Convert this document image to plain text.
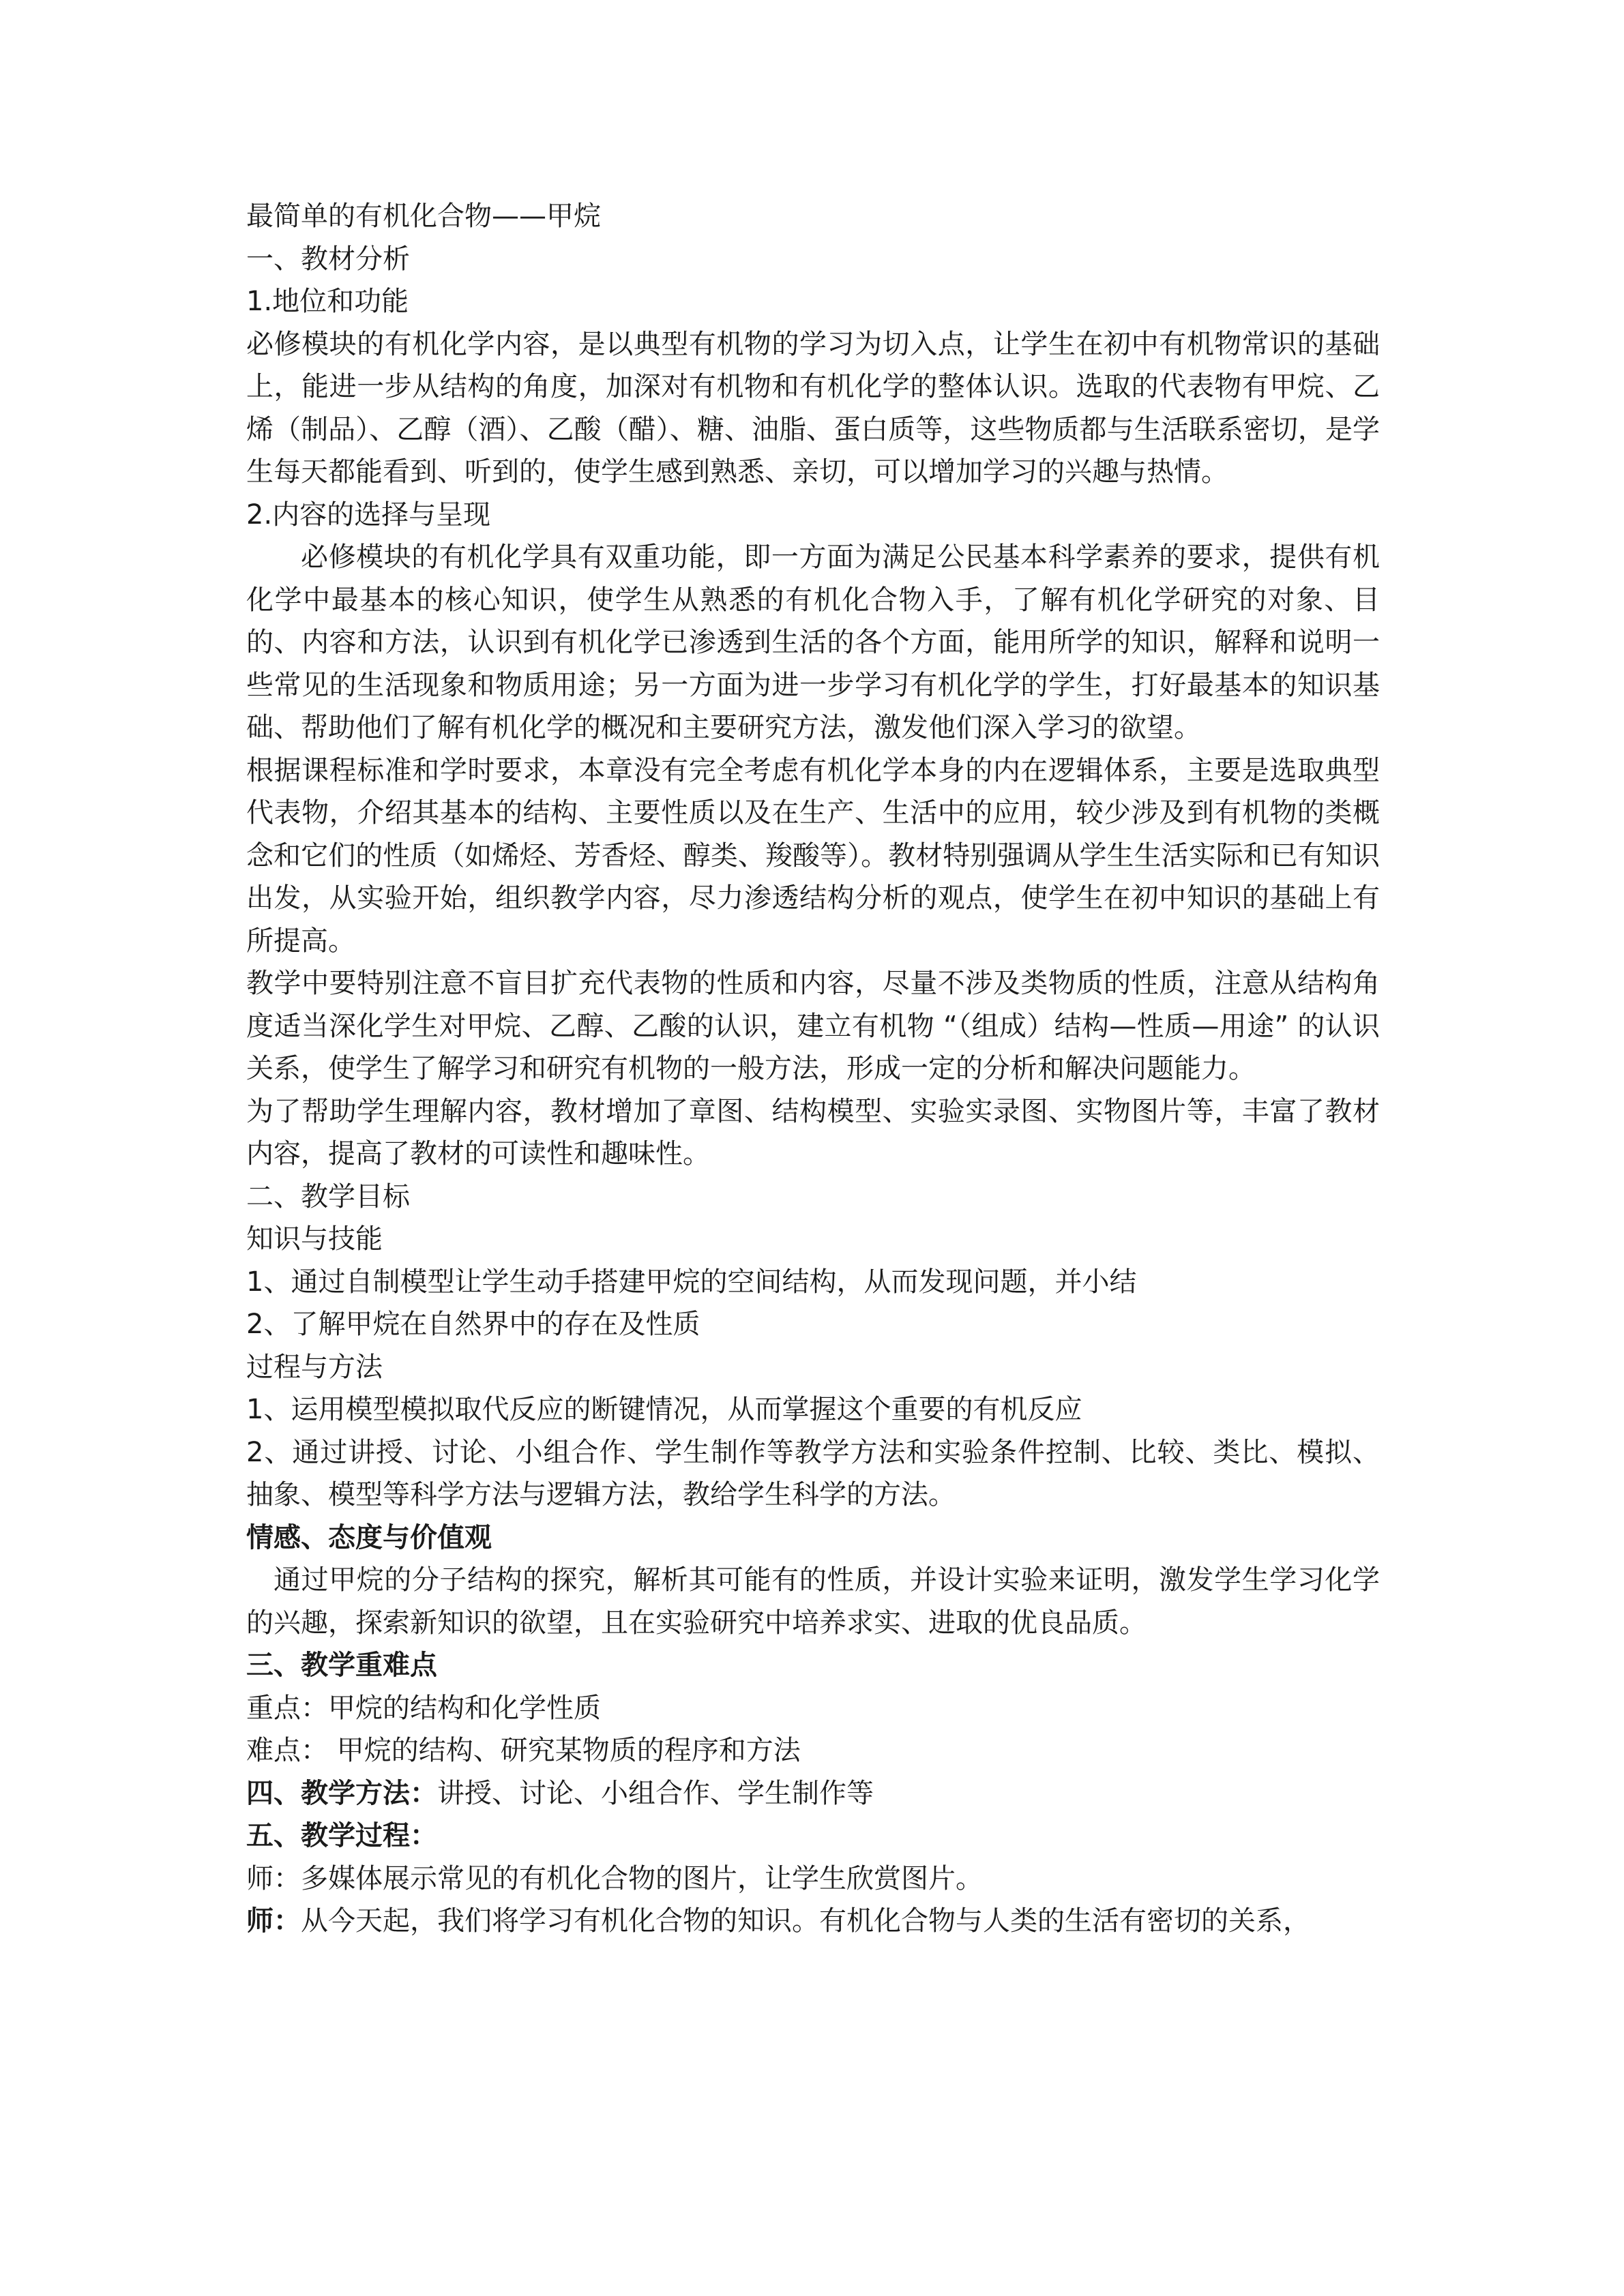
最简单的有机化合物——甲烷

一、教材分析

1.地位和功能

必修模块的有机化学内容，是以典型有机物的学习为切入点，让学生在初中有机物常识的基础上，能进一步从结构的角度，加深对有机物和有机化学的整体认识。选取的代表物有甲烷、乙烯（制品）、乙醇（酒）、乙酸（醋）、糖、油脂、蛋白质等，这些物质都与生活联系密切，是学生每天都能看到、听到的，使学生感到熟悉、亲切，可以增加学习的兴趣与热情。

2.内容的选择与呈现

必修模块的有机化学具有双重功能，即一方面为满足公民基本科学素养的要求，提供有机化学中最基本的核心知识，使学生从熟悉的有机化合物入手，了解有机化学研究的对象、目的、内容和方法，认识到有机化学已渗透到生活的各个方面，能用所学的知识，解释和说明一些常见的生活现象和物质用途；另一方面为进一步学习有机化学的学生，打好最基本的知识基础、帮助他们了解有机化学的概况和主要研究方法，激发他们深入学习的欲望。

根据课程标准和学时要求，本章没有完全考虑有机化学本身的内在逻辑体系，主要是选取典型代表物，介绍其基本的结构、主要性质以及在生产、生活中的应用，较少涉及到有机物的类概念和它们的性质（如烯烃、芳香烃、醇类、羧酸等）。教材特别强调从学生生活实际和已有知识出发，从实验开始，组织教学内容，尽力渗透结构分析的观点，使学生在初中知识的基础上有所提高。

教学中要特别注意不盲目扩充代表物的性质和内容，尽量不涉及类物质的性质，注意从结构角度适当深化学生对甲烷、乙醇、乙酸的认识，建立有机物 “（组成）结构—性质—用途” 的认识关系，使学生了解学习和研究有机物的一般方法，形成一定的分析和解决问题能力。

为了帮助学生理解内容，教材增加了章图、结构模型、实验实录图、实物图片等，丰富了教材内容，提高了教材的可读性和趣味性。

二、教学目标

知识与技能

1、通过自制模型让学生动手搭建甲烷的空间结构，从而发现问题，并小结

2、了解甲烷在自然界中的存在及性质

过程与方法

1、运用模型模拟取代反应的断键情况，从而掌握这个重要的有机反应

2、通过讲授、讨论、小组合作、学生制作等教学方法和实验条件控制、比较、类比、模拟、抽象、模型等科学方法与逻辑方法，教给学生科学的方法。

情感、态度与价值观

通过甲烷的分子结构的探究，解析其可能有的性质，并设计实验来证明，激发学生学习化学的兴趣，探索新知识的欲望，且在实验研究中培养求实、进取的优良品质。

三、教学重难点

重点：甲烷的结构和化学性质

难点： 甲烷的结构、研究某物质的程序和方法

四、教学方法：讲授、讨论、小组合作、学生制作等

五、教学过程：

师：多媒体展示常见的有机化合物的图片，让学生欣赏图片。

师：从今天起，我们将学习有机化合物的知识。有机化合物与人类的生活有密切的关系，
